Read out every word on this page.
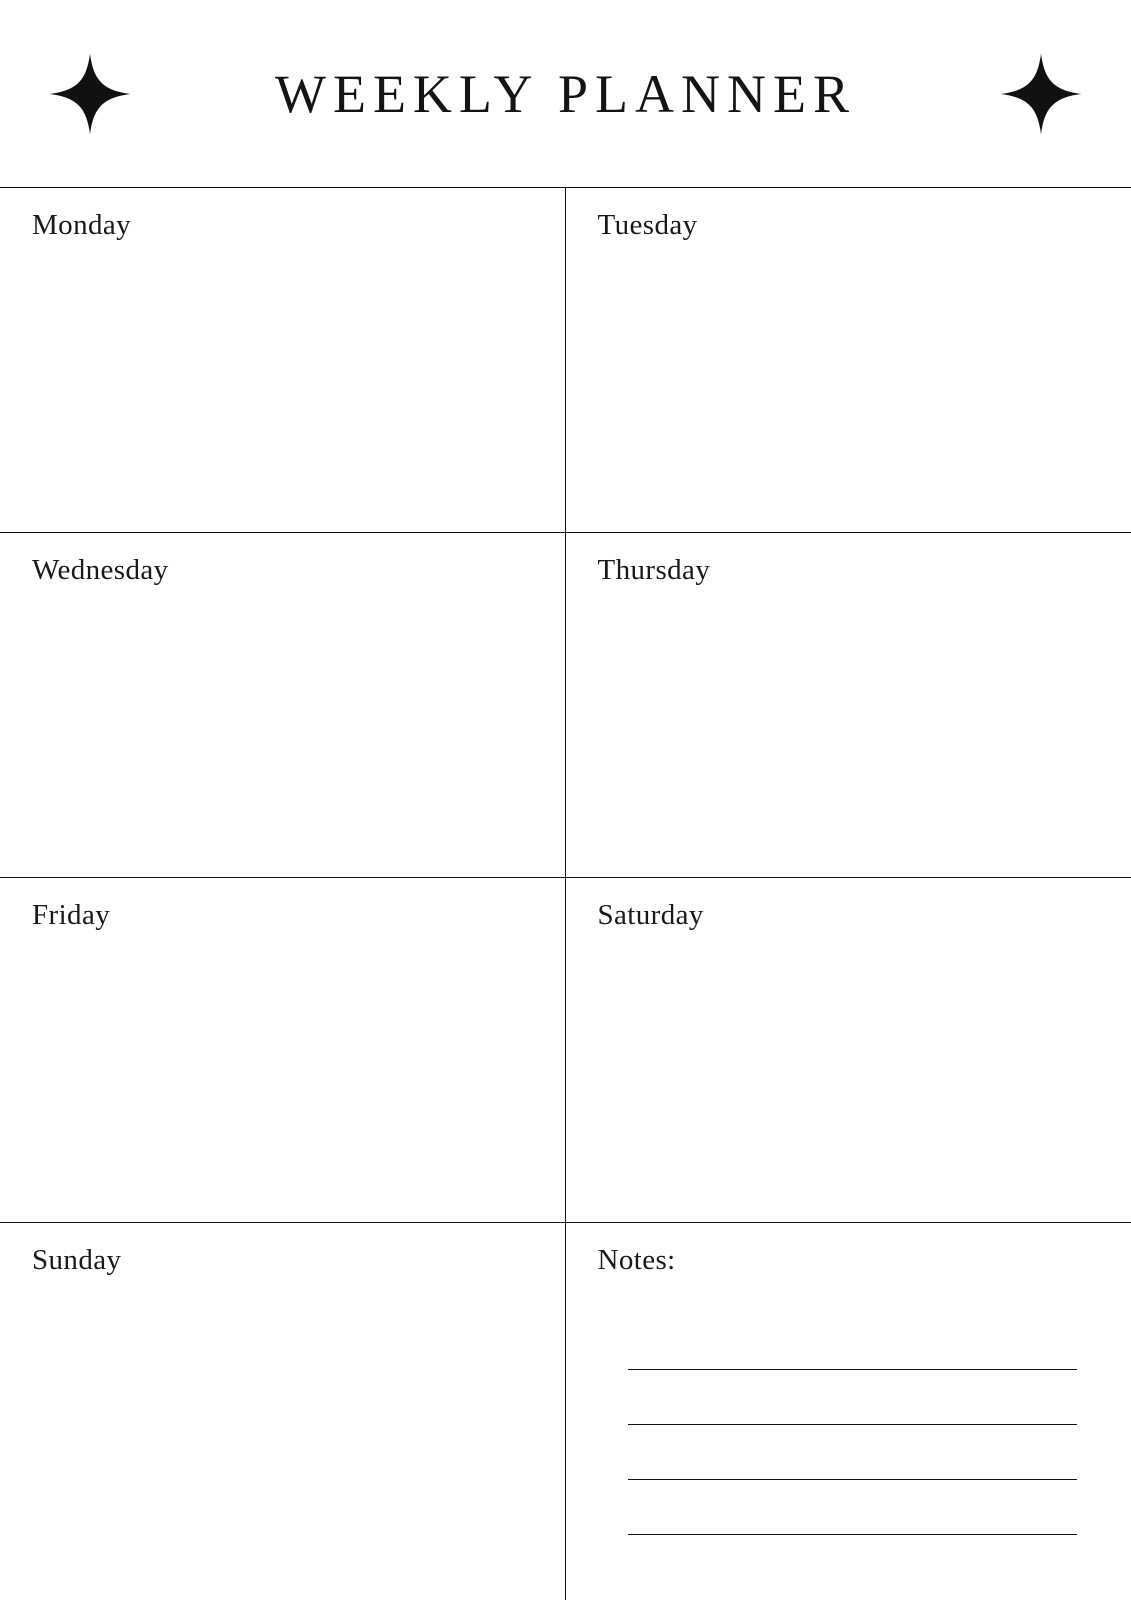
WEEKLY PLANNER
Monday	Tuesday
Wednesday	Thursday
Friday	Saturday
Sunday	Notes:
